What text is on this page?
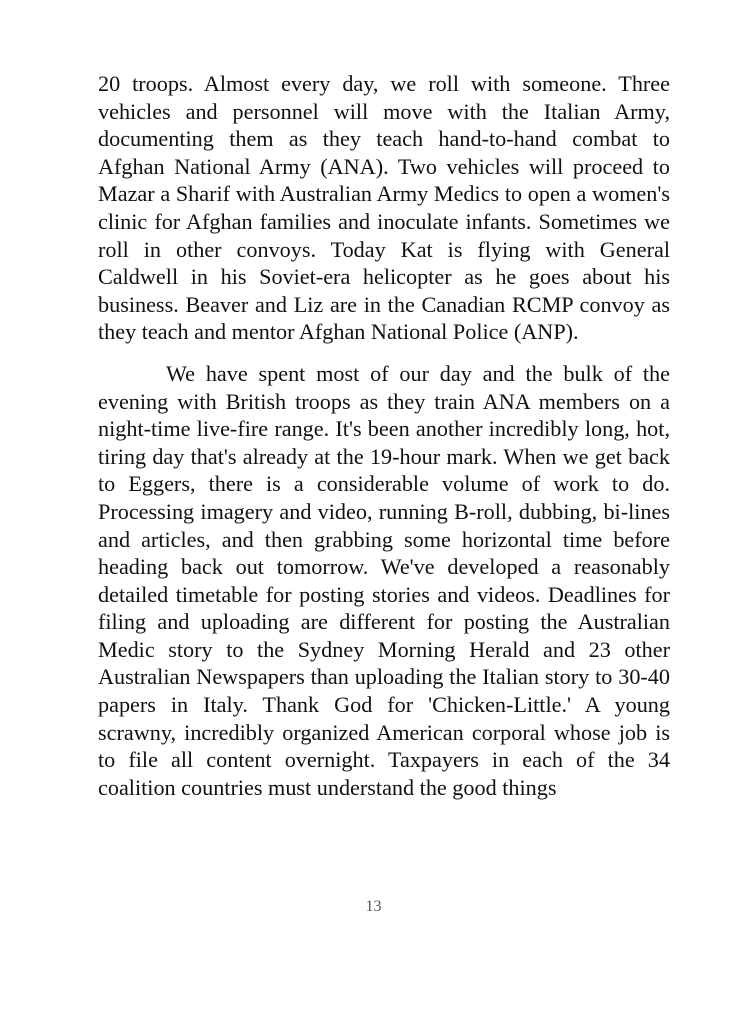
20 troops. Almost every day, we roll with someone. Three vehicles and personnel will move with the Italian Army, documenting them as they teach hand-to-hand combat to Afghan National Army (ANA). Two vehicles will proceed to Mazar a Sharif with Australian Army Medics to open a women's clinic for Afghan families and inoculate infants. Sometimes we roll in other convoys. Today Kat is flying with General Caldwell in his Soviet-era helicopter as he goes about his business. Beaver and Liz are in the Canadian RCMP convoy as they teach and mentor Afghan National Police (ANP).

We have spent most of our day and the bulk of the evening with British troops as they train ANA members on a night-time live-fire range. It's been another incredibly long, hot, tiring day that's already at the 19-hour mark. When we get back to Eggers, there is a considerable volume of work to do. Processing imagery and video, running B-roll, dubbing, bi-lines and articles, and then grabbing some horizontal time before heading back out tomorrow. We've developed a reasonably detailed timetable for posting stories and videos. Deadlines for filing and uploading are different for posting the Australian Medic story to the Sydney Morning Herald and 23 other Australian Newspapers than uploading the Italian story to 30-40 papers in Italy. Thank God for 'Chicken-Little.' A young scrawny, incredibly organized American corporal whose job is to file all content overnight. Taxpayers in each of the 34 coalition countries must understand the good things

13
